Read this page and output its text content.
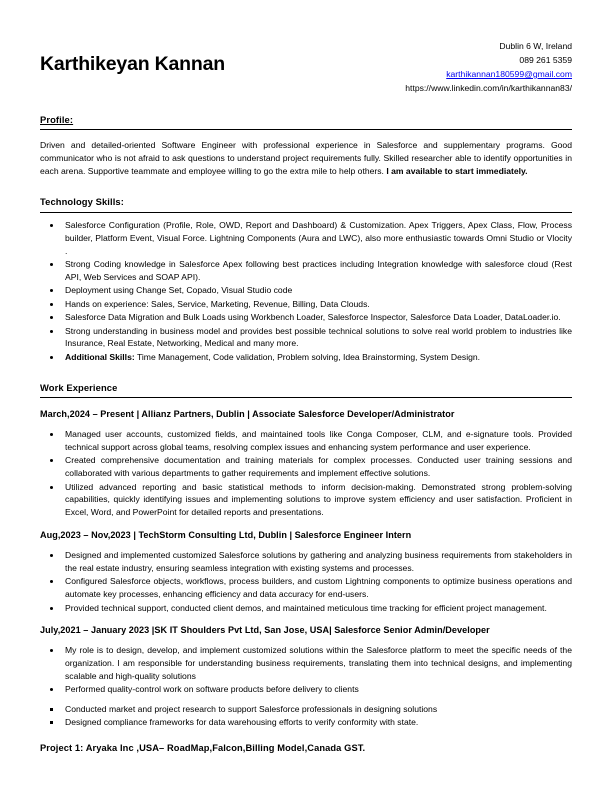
Karthikeyan Kannan
Dublin 6 W, Ireland
089 261 5359
karthikannan180599@gmail.com
https://www.linkedin.com/in/karthikannan83/
Profile:

Driven and detailed-oriented Software Engineer with professional experience in Salesforce and supplementary programs. Good communicator who is not afraid to ask questions to understand project requirements fully. Skilled researcher able to identify opportunities in each arena. Supportive teammate and employee willing to go the extra mile to help others. I am available to start immediately.

Technology Skills:
• Salesforce Configuration (Profile, Role, OWD, Report and Dashboard) & Customization. Apex Triggers, Apex Class, Flow, Process builder, Platform Event, Visual Force. Lightning Components (Aura and LWC), also more enthusiastic towards Omni Studio or Vlocity .
• Strong Coding knowledge in Salesforce Apex following best practices including Integration knowledge with salesforce cloud (Rest API, Web Services and SOAP API).
• Deployment using Change Set, Copado, Visual Studio code
• Hands on experience: Sales, Service, Marketing, Revenue, Billing, Data Clouds.
• Salesforce Data Migration and Bulk Loads using Workbench Loader, Salesforce Inspector, Salesforce Data Loader, DataLoader.io.
• Strong understanding in business model and provides best possible technical solutions to solve real world problem to industries like Insurance, Real Estate, Networking, Medical and many more.
• Additional Skills: Time Management, Code validation, Problem solving, Idea Brainstorming, System Design.
Work Experience
March,2024 – Present | Allianz Partners, Dublin | Associate Salesforce Developer/Administrator
• Managed user accounts, customized fields, and maintained tools like Conga Composer, CLM, and e-signature tools. Provided technical support across global teams, resolving complex issues and enhancing system performance and user experience.
• Created comprehensive documentation and training materials for complex processes. Conducted user training sessions and collaborated with various departments to gather requirements and implement effective solutions.
• Utilized advanced reporting and basic statistical methods to inform decision-making. Demonstrated strong problem-solving capabilities, quickly identifying issues and implementing solutions to improve system efficiency and user satisfaction. Proficient in Excel, Word, and PowerPoint for detailed reports and presentations.
Aug,2023 – Nov,2023 | TechStorm Consulting Ltd, Dublin | Salesforce Engineer Intern
• Designed and implemented customized Salesforce solutions by gathering and analyzing business requirements from stakeholders in the real estate industry, ensuring seamless integration with existing systems and processes.
• Configured Salesforce objects, workflows, process builders, and custom Lightning components to optimize business operations and automate key processes, enhancing efficiency and data accuracy for end-users.
• Provided technical support, conducted client demos, and maintained meticulous time tracking for efficient project management.
July,2021 – January 2023 |SK IT Shoulders Pvt Ltd, San Jose, USA| Salesforce Senior Admin/Developer
• My role is to design, develop, and implement customized solutions within the Salesforce platform to meet the specific needs of the organization. I am responsible for understanding business requirements, translating them into technical designs, and implementing scalable and high-quality solutions
• Performed quality-control work on software products before delivery to clients
▪ Conducted market and project research to support Salesforce professionals in designing solutions
▪ Designed compliance frameworks for data warehousing efforts to verify conformity with state.
Project 1: Aryaka Inc ,USA– RoadMap,Falcon,Billing Model,Canada GST.
